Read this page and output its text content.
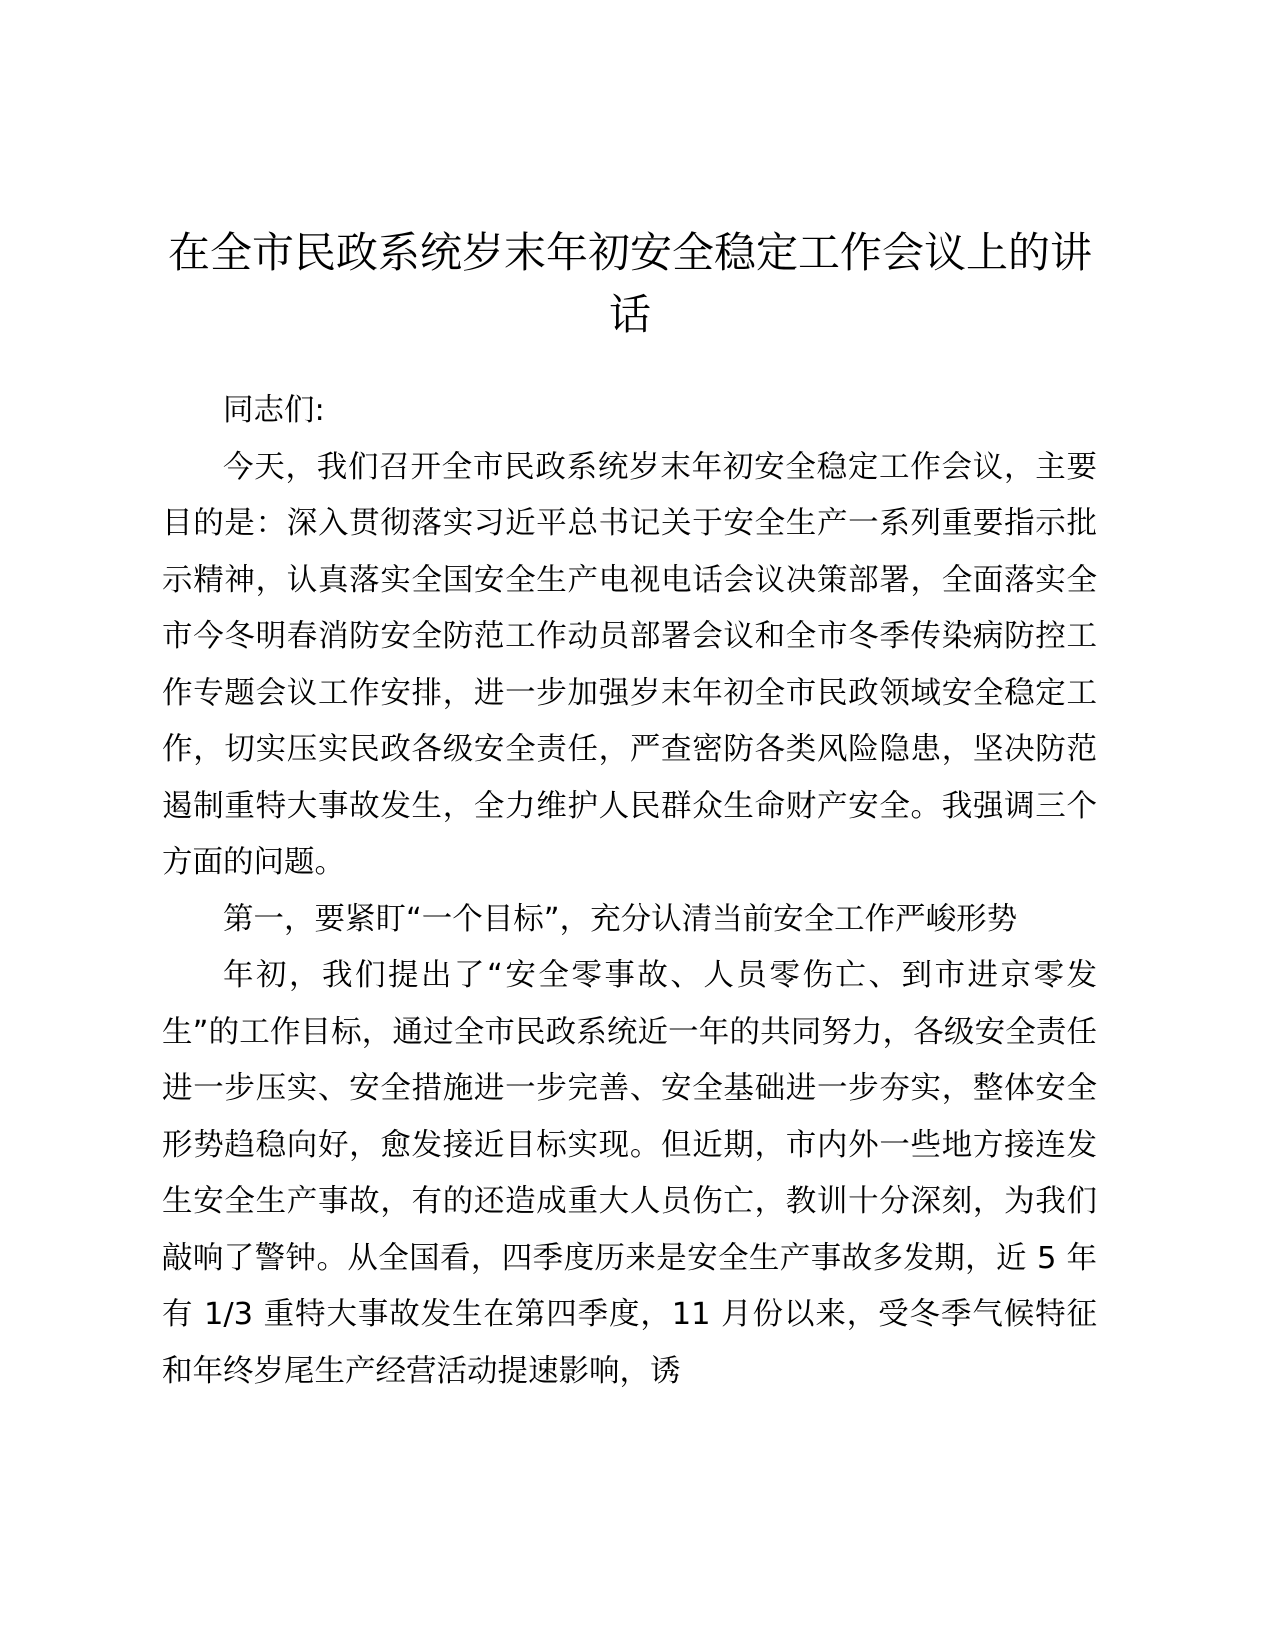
在全市民政系统岁末年初安全稳定工作会议上的讲话

同志们:

今天，我们召开全市民政系统岁末年初安全稳定工作会议，主要目的是：深入贯彻落实习近平总书记关于安全生产一系列重要指示批示精神，认真落实全国安全生产电视电话会议决策部署，全面落实全市今冬明春消防安全防范工作动员部署会议和全市冬季传染病防控工作专题会议工作安排，进一步加强岁末年初全市民政领域安全稳定工作，切实压实民政各级安全责任，严查密防各类风险隐患，坚决防范遏制重特大事故发生，全力维护人民群众生命财产安全。我强调三个方面的问题。

第一，要紧盯“一个目标”，充分认清当前安全工作严峻形势

年初，我们提出了“安全零事故、人员零伤亡、到市进京零发生”的工作目标，通过全市民政系统近一年的共同努力，各级安全责任进一步压实、安全措施进一步完善、安全基础进一步夯实，整体安全形势趋稳向好，愈发接近目标实现。但近期，市内外一些地方接连发生安全生产事故，有的还造成重大人员伤亡，教训十分深刻，为我们敲响了警钟。从全国看，四季度历来是安全生产事故多发期，近 5 年有 1/3 重特大事故发生在第四季度，11 月份以来，受冬季气候特征和年终岁尾生产经营活动提速影响，诱
